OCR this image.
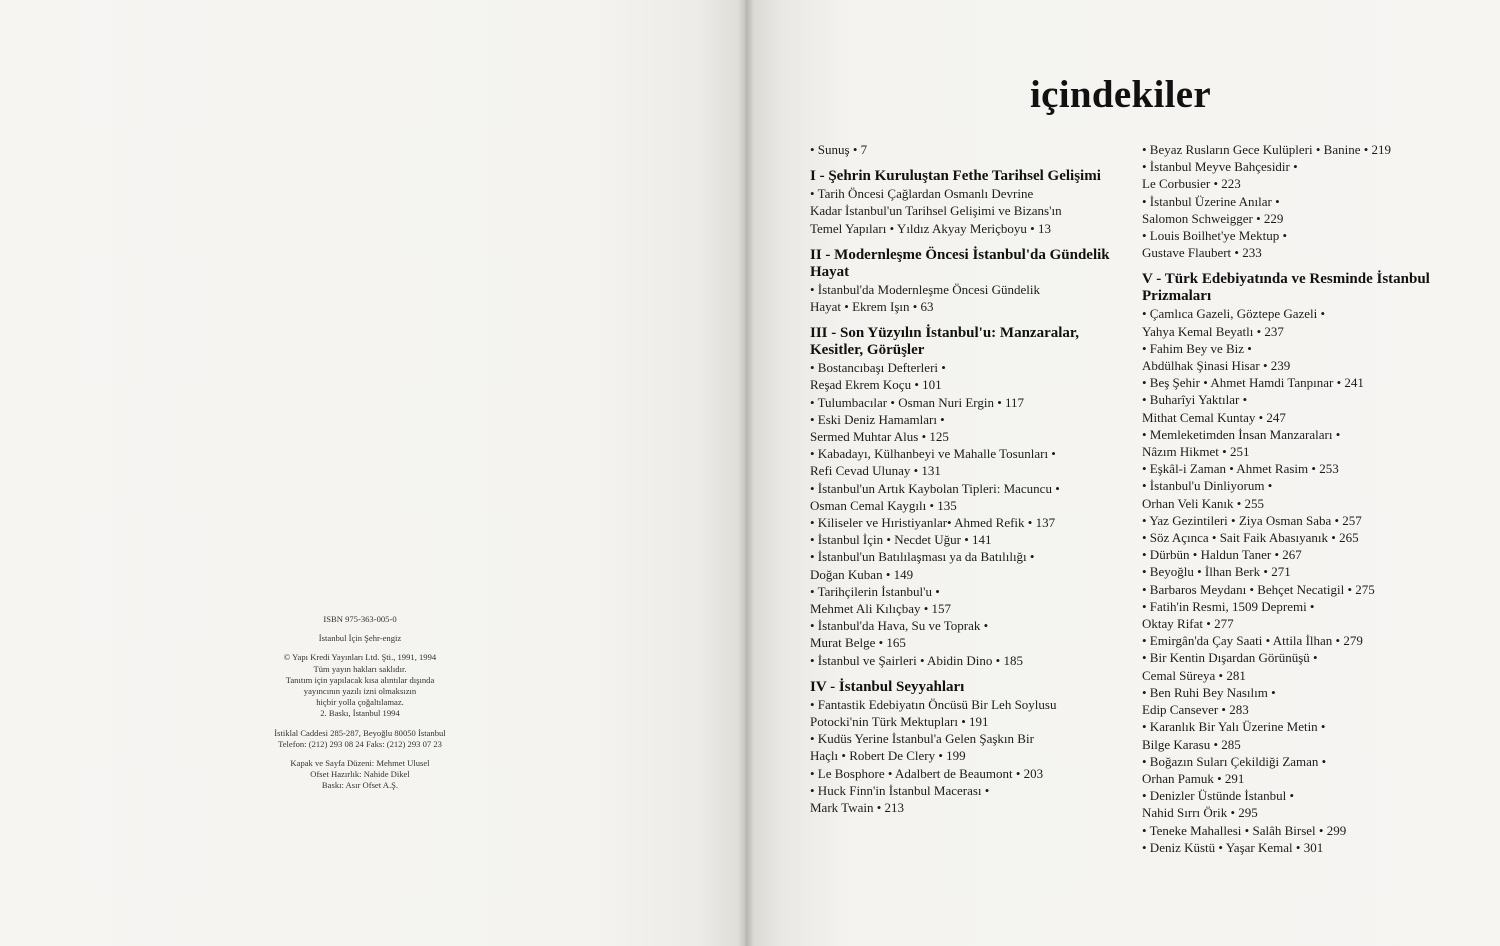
ISBN 975-363-005-0
İstanbul İçin Şehr-engiz
© Yapı Kredi Yayınları Ltd. Şti., 1991, 1994
Tüm yayın hakları saklıdır.
Tanıtım için yapılacak kısa alıntılar dışında
yayıncının yazılı izni olmaksızın
hiçbir yolla çoğaltılamaz.
2. Baskı, İstanbul 1994
İstiklal Caddesi 285-287, Beyoğlu 80050 İstanbul
Telefon: (212) 293 08 24 Faks: (212) 293 07 23
Kapak ve Sayfa Düzeni: Mehmet Ulusel
Ofset Hazırlık: Nahide Dikel
Baskı: Asır Ofset A.Ş.
içindekiler
• Sunuş • 7
I - Şehrin Kuruluştan Fethe Tarihsel Gelişimi
• Tarih Öncesi Çağlardan Osmanlı Devrine
Kadar İstanbul'un Tarihsel Gelişimi ve Bizans'ın
Temel Yapıları • Yıldız Akyay Meriçboyu • 13
II - Modernleşme Öncesi İstanbul'da Gündelik Hayat
• İstanbul'da Modernleşme Öncesi Gündelik
Hayat • Ekrem Işın • 63
III - Son Yüzyılın İstanbul'u: Manzaralar, Kesitler, Görüşler
• Bostancıbaşı Defterleri •
Reşad Ekrem Koçu • 101
• Tulumbacılar • Osman Nuri Ergin • 117
• Eski Deniz Hamamları •
Sermed Muhtar Alus • 125
• Kabadayı, Külhanbeyi ve Mahalle Tosunları •
Refi Cevad Ulunay • 131
• İstanbul'un Artık Kaybolan Tipleri: Macuncu •
Osman Cemal Kaygılı • 135
• Kiliseler ve Hıristiyanlar• Ahmed Refik • 137
• İstanbul İçin • Necdet Uğur • 141
• İstanbul'un Batılılaşması ya da Batılılığı •
Doğan Kuban • 149
• Tarihçilerin İstanbul'u •
Mehmet Ali Kılıçbay • 157
• İstanbul'da Hava, Su ve Toprak •
Murat Belge • 165
• İstanbul ve Şairleri • Abidin Dino • 185
IV - İstanbul Seyyahları
• Fantastik Edebiyatın Öncüsü Bir Leh Soylusu
Potocki'nin Türk Mektupları • 191
• Kudüs Yerine İstanbul'a Gelen Şaşkın Bir
Haçlı • Robert De Clery • 199
• Le Bosphore • Adalbert de Beaumont • 203
• Huck Finn'in İstanbul Macerası •
Mark Twain • 213
• Beyaz Rusların Gece Kulüpleri • Banine • 219
• İstanbul Meyve Bahçesidir •
Le Corbusier • 223
• İstanbul Üzerine Anılar •
Salomon Schweigger • 229
• Louis Boilhet'ye Mektup •
Gustave Flaubert • 233
V - Türk Edebiyatında ve Resminde İstanbul Prizmaları
• Çamlıca Gazeli, Göztepe Gazeli •
Yahya Kemal Beyatlı • 237
• Fahim Bey ve Biz •
Abdülhak Şinasi Hisar • 239
• Beş Şehir • Ahmet Hamdi Tanpınar • 241
• Buharîyi Yaktılar •
Mithat Cemal Kuntay • 247
• Memleketimden İnsan Manzaraları •
Nâzım Hikmet • 251
• Eşkâl-i Zaman • Ahmet Rasim • 253
• İstanbul'u Dinliyorum •
Orhan Veli Kanık • 255
• Yaz Gezintileri • Ziya Osman Saba • 257
• Söz Açınca • Sait Faik Abasıyanık • 265
• Dürbün • Haldun Taner • 267
• Beyoğlu • İlhan Berk • 271
• Barbaros Meydanı • Behçet Necatigil • 275
• Fatih'in Resmi, 1509 Depremi •
Oktay Rifat • 277
• Emirgân'da Çay Saati • Attila İlhan • 279
• Bir Kentin Dışardan Görünüşü •
Cemal Süreya • 281
• Ben Ruhi Bey Nasılım •
Edip Cansever • 283
• Karanlık Bir Yalı Üzerine Metin •
Bilge Karasu • 285
• Boğazın Suları Çekildiği Zaman •
Orhan Pamuk • 291
• Denizler Üstünde İstanbul •
Nahid Sırrı Örik • 295
• Teneke Mahallesi • Salâh Birsel • 299
• Deniz Küstü • Yaşar Kemal • 301
